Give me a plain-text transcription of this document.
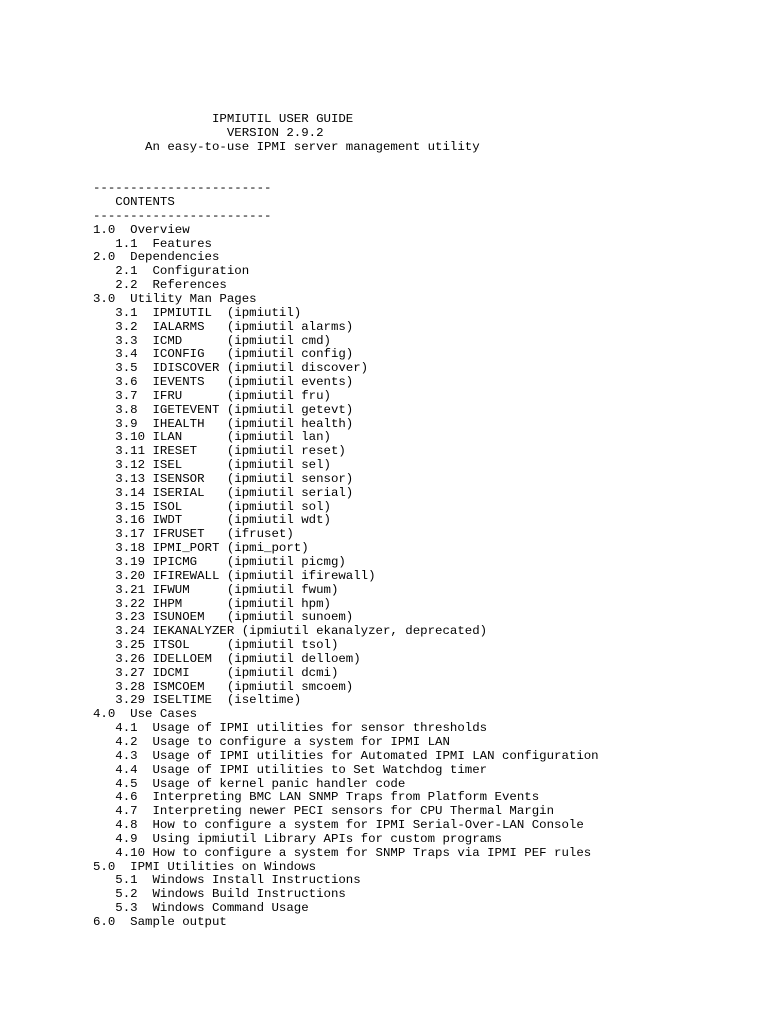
IPMIUTIL USER GUIDE
VERSION 2.9.2
An easy-to-use IPMI server management utility
------------------------
CONTENTS
------------------------
1.0  Overview
1.1  Features
2.0  Dependencies
2.1  Configuration
2.2  References
3.0  Utility Man Pages
3.1  IPMIUTIL  (ipmiutil)
3.2  IALARMS   (ipmiutil alarms)
3.3  ICMD      (ipmiutil cmd)
3.4  ICONFIG   (ipmiutil config)
3.5  IDISCOVER (ipmiutil discover)
3.6  IEVENTS   (ipmiutil events)
3.7  IFRU      (ipmiutil fru)
3.8  IGETEVENT (ipmiutil getevt)
3.9  IHEALTH   (ipmiutil health)
3.10 ILAN      (ipmiutil lan)
3.11 IRESET    (ipmiutil reset)
3.12 ISEL      (ipmiutil sel)
3.13 ISENSOR   (ipmiutil sensor)
3.14 ISERIAL   (ipmiutil serial)
3.15 ISOL      (ipmiutil sol)
3.16 IWDT      (ipmiutil wdt)
3.17 IFRUSET   (ifruset)
3.18 IPMI_PORT (ipmi_port)
3.19 IPICMG    (ipmiutil picmg)
3.20 IFIREWALL (ipmiutil ifirewall)
3.21 IFWUM     (ipmiutil fwum)
3.22 IHPM      (ipmiutil hpm)
3.23 ISUNOEM   (ipmiutil sunoem)
3.24 IEKANALYZER (ipmiutil ekanalyzer, deprecated)
3.25 ITSOL     (ipmiutil tsol)
3.26 IDELLOEM  (ipmiutil delloem)
3.27 IDCMI     (ipmiutil dcmi)
3.28 ISMCOEM   (ipmiutil smcoem)
3.29 ISELTIME  (iseltime)
4.0  Use Cases
4.1  Usage of IPMI utilities for sensor thresholds
4.2  Usage to configure a system for IPMI LAN
4.3  Usage of IPMI utilities for Automated IPMI LAN configuration
4.4  Usage of IPMI utilities to Set Watchdog timer
4.5  Usage of kernel panic handler code
4.6  Interpreting BMC LAN SNMP Traps from Platform Events
4.7  Interpreting newer PECI sensors for CPU Thermal Margin
4.8  How to configure a system for IPMI Serial-Over-LAN Console
4.9  Using ipmiutil Library APIs for custom programs
4.10 How to configure a system for SNMP Traps via IPMI PEF rules
5.0  IPMI Utilities on Windows
5.1  Windows Install Instructions
5.2  Windows Build Instructions
5.3  Windows Command Usage
6.0  Sample output
